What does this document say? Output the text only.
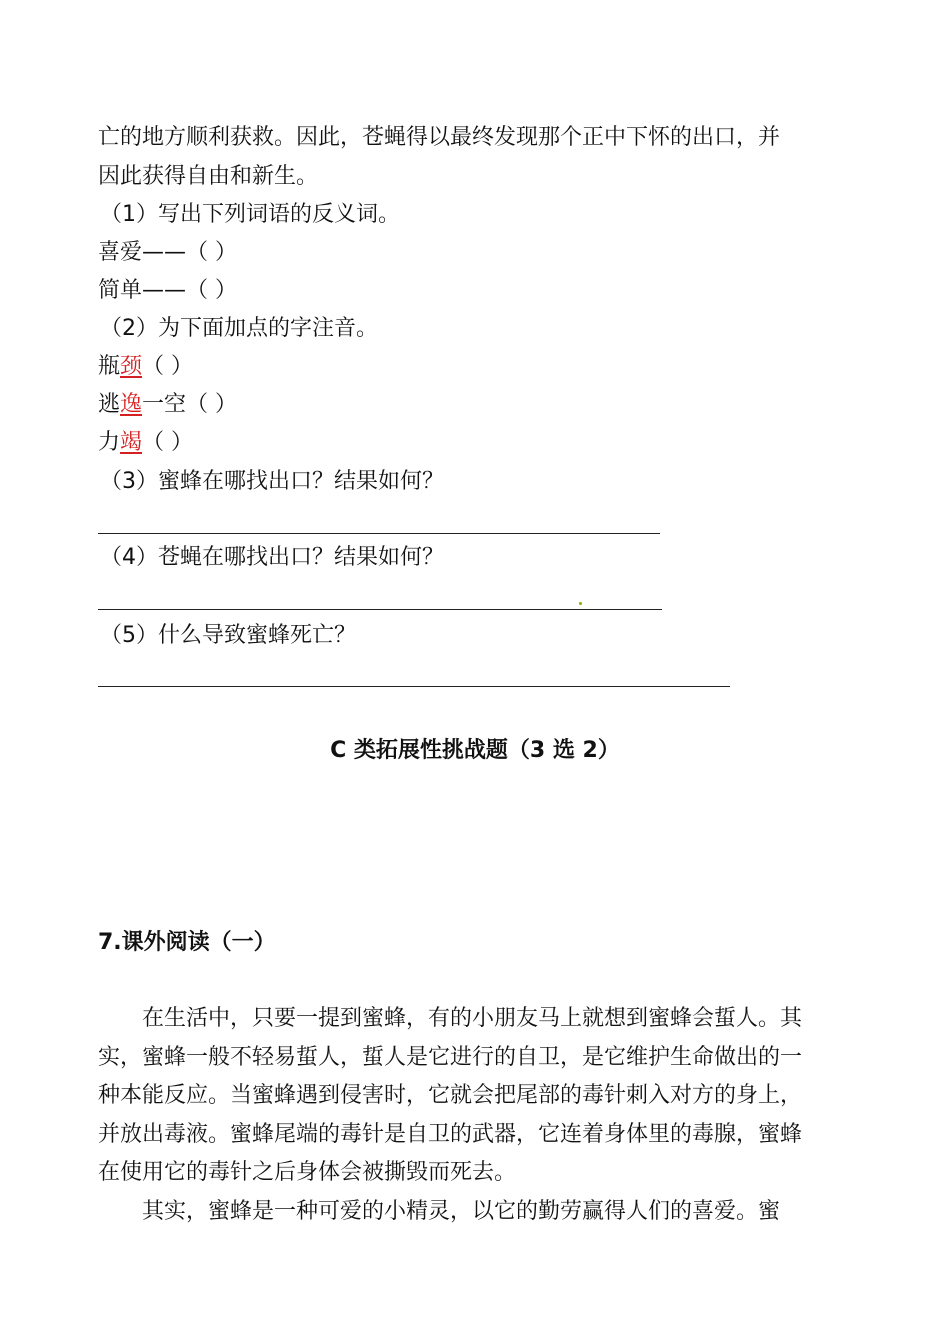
亡的地方顺利获救。因此，苍蝇得以最终发现那个正中下怀的出口，并
因此获得自由和新生。
（1）写出下列词语的反义词。
喜爱——（ ）
简单——（ ）
（2）为下面加点的字注音。
瓶颈（ ）
逃逸一空（ ）
力竭（ ）
（3）蜜蜂在哪找出口？结果如何？
（4）苍蝇在哪找出口？结果如何？
（5）什么导致蜜蜂死亡？
C 类拓展性挑战题（3 选 2）
7.课外阅读（一）

在生活中，只要一提到蜜蜂，有的小朋友马上就想到蜜蜂会蜇人。其实，蜜蜂一般不轻易蜇人，蜇人是它进行的自卫，是它维护生命做出的一种本能反应。当蜜蜂遇到侵害时，它就会把尾部的毒针刺入对方的身上，并放出毒液。蜜蜂尾端的毒针是自卫的武器，它连着身体里的毒腺，蜜蜂在使用它的毒针之后身体会被撕毁而死去。

其实，蜜蜂是一种可爱的小精灵，以它的勤劳赢得人们的喜爱。蜜
